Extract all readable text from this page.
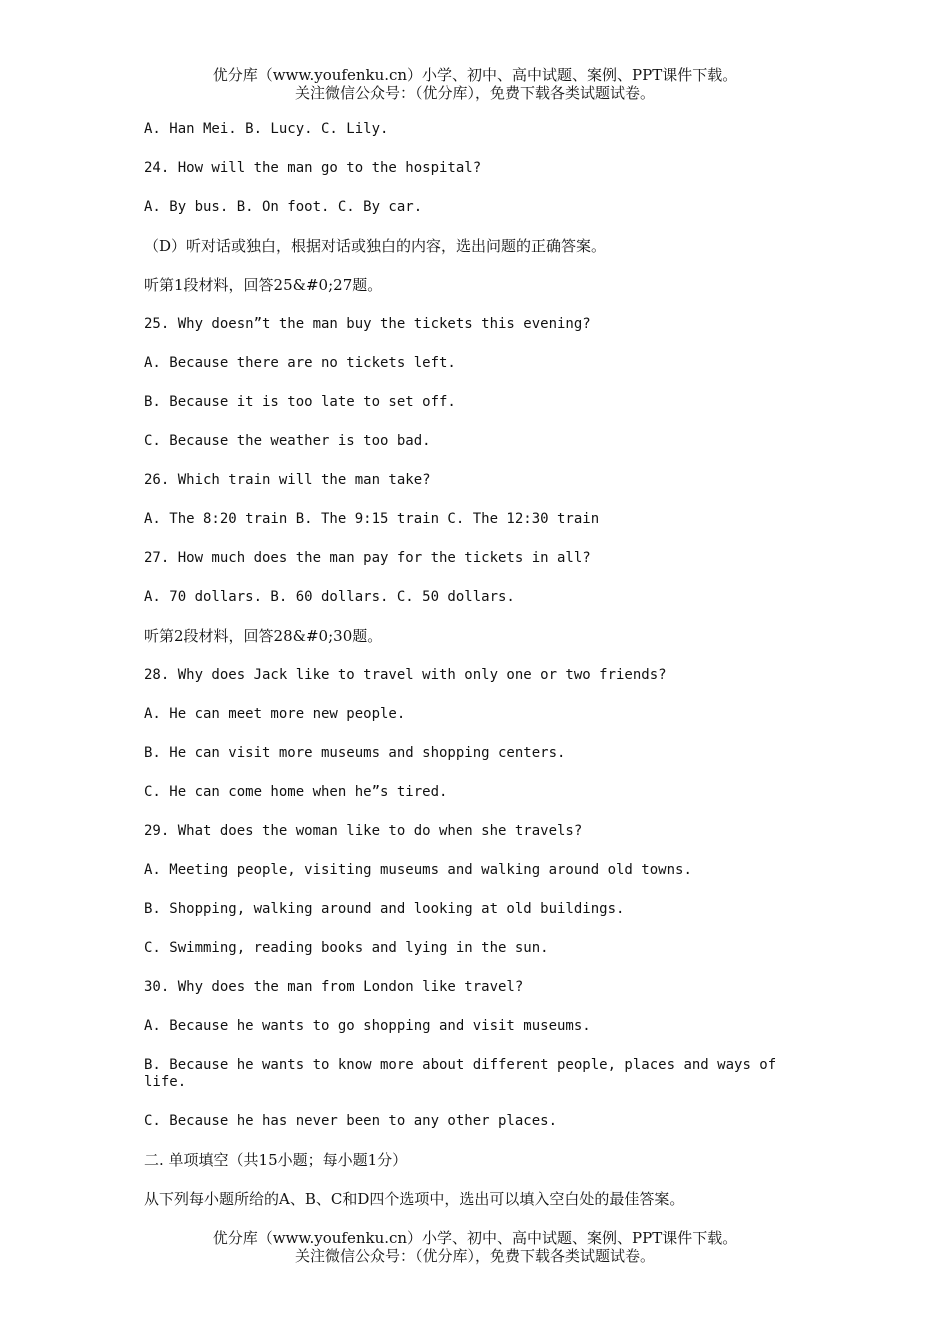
优分库（www.youfenku.cn）小学、初中、高中试题、案例、PPT课件下载。
关注微信公众号：（优分库），免费下载各类试题试卷。
A. Han Mei. B. Lucy. C. Lily.
24. How will the man go to the hospital?
A. By bus. B. On foot. C. By car.
（D）听对话或独白，根据对话或独白的内容，选出问题的正确答案。
听第1段材料，回答25&#0;27题。
25. Why doesn”t the man buy the tickets this evening?
A. Because there are no tickets left.
B. Because it is too late to set off.
C. Because the weather is too bad.
26. Which train will the man take?
A. The 8:20 train B. The 9:15 train C. The 12:30 train
27. How much does the man pay for the tickets in all?
A. 70 dollars. B. 60 dollars. C. 50 dollars.
听第2段材料，回答28&#0;30题。
28. Why does Jack like to travel with only one or two friends?
A. He can meet more new people.
B. He can visit more museums and shopping centers.
C. He can come home when he”s tired.
29. What does the woman like to do when she travels?
A. Meeting people, visiting museums and walking around old towns.
B. Shopping, walking around and looking at old buildings.
C. Swimming, reading books and lying in the sun.
30. Why does the man from London like travel?
A. Because he wants to go shopping and visit museums.
B. Because he wants to know more about different people, places and ways of life.
C. Because he has never been to any other places.
二. 单项填空（共15小题；每小题1分）
从下列每小题所给的A、B、C和D四个选项中，选出可以填入空白处的最佳答案。
优分库（www.youfenku.cn）小学、初中、高中试题、案例、PPT课件下载。
关注微信公众号：（优分库），免费下载各类试题试卷。
